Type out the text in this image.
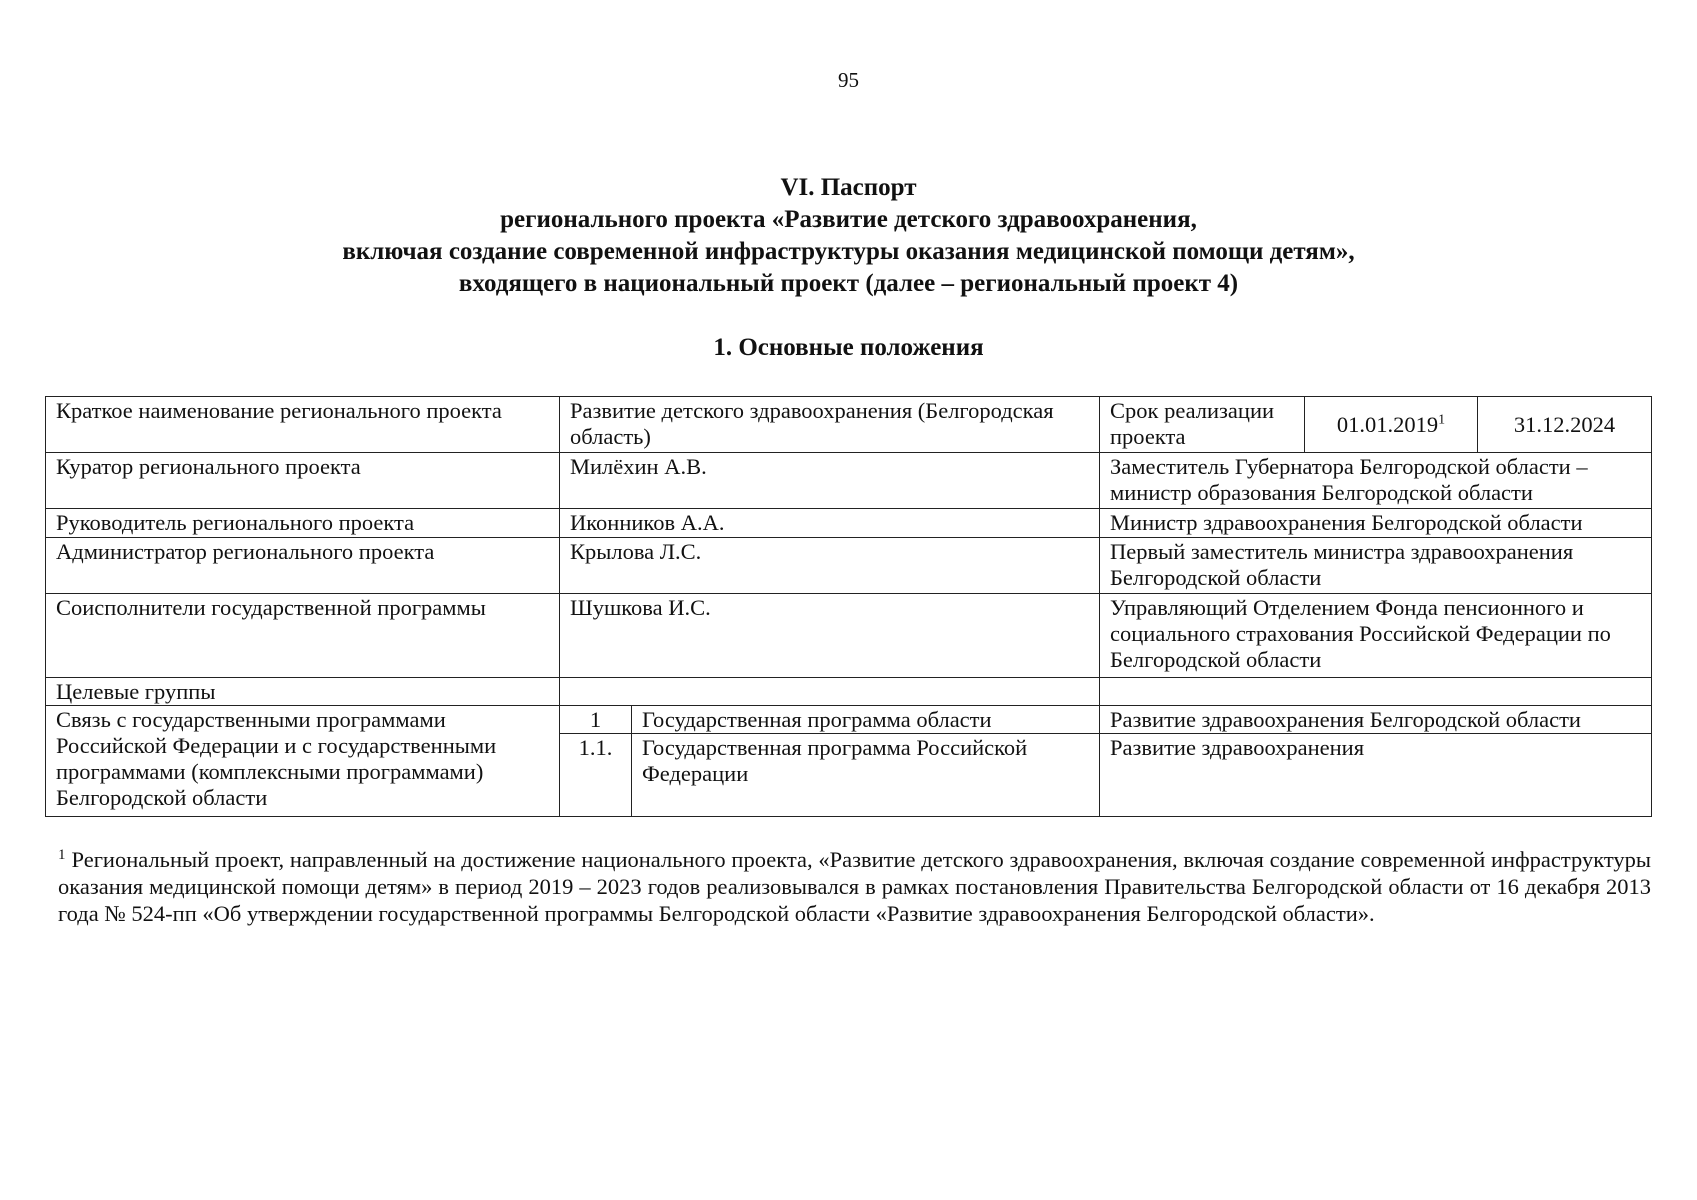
95
VI. Паспорт
регионального проекта «Развитие детского здравоохранения,
включая создание современной инфраструктуры оказания медицинской помощи детям»,
входящего в национальный проект (далее – региональный проект 4)
1. Основные положения
Краткое наименование регионального проекта	Развитие детского здравоохранения (Белгородская область)		Срок реализации проекта	01.01.2019$^1$	31.12.2024
Куратор регионального проекта	Милёхин А.В.		Заместитель Губернатора Белгородской области – министр образования Белгородской области		
Руководитель регионального проекта	Иконников А.А.		Министр здравоохранения Белгородской области		
Администратор регионального проекта	Крылова Л.С.		Первый заместитель министра здравоохранения Белгородской области		
Соисполнители государственной программы	Шушкова И.С.		Управляющий Отделением Фонда пенсионного и социального страхования Российской Федерации по Белгородской области		
Целевые группы					
Связь с государственными программами Российской Федерации и с государственными программами (комплексными программами) Белгородской области	1	Государственная программа области	Развитие здравоохранения Белгородской области		
	1.1.	Государственная программа Российской Федерации	Развитие здравоохранения		
$^1$ Региональный проект, направленный на достижение национального проекта, «Развитие детского здравоохранения, включая создание современной инфраструктуры оказания медицинской помощи детям» в период 2019 – 2023 годов реализовывался в рамках постановления Правительства Белгородской области от 16 декабря 2013 года № 524-пп «Об утверждении государственной программы Белгородской области «Развитие здравоохранения Белгородской области».
